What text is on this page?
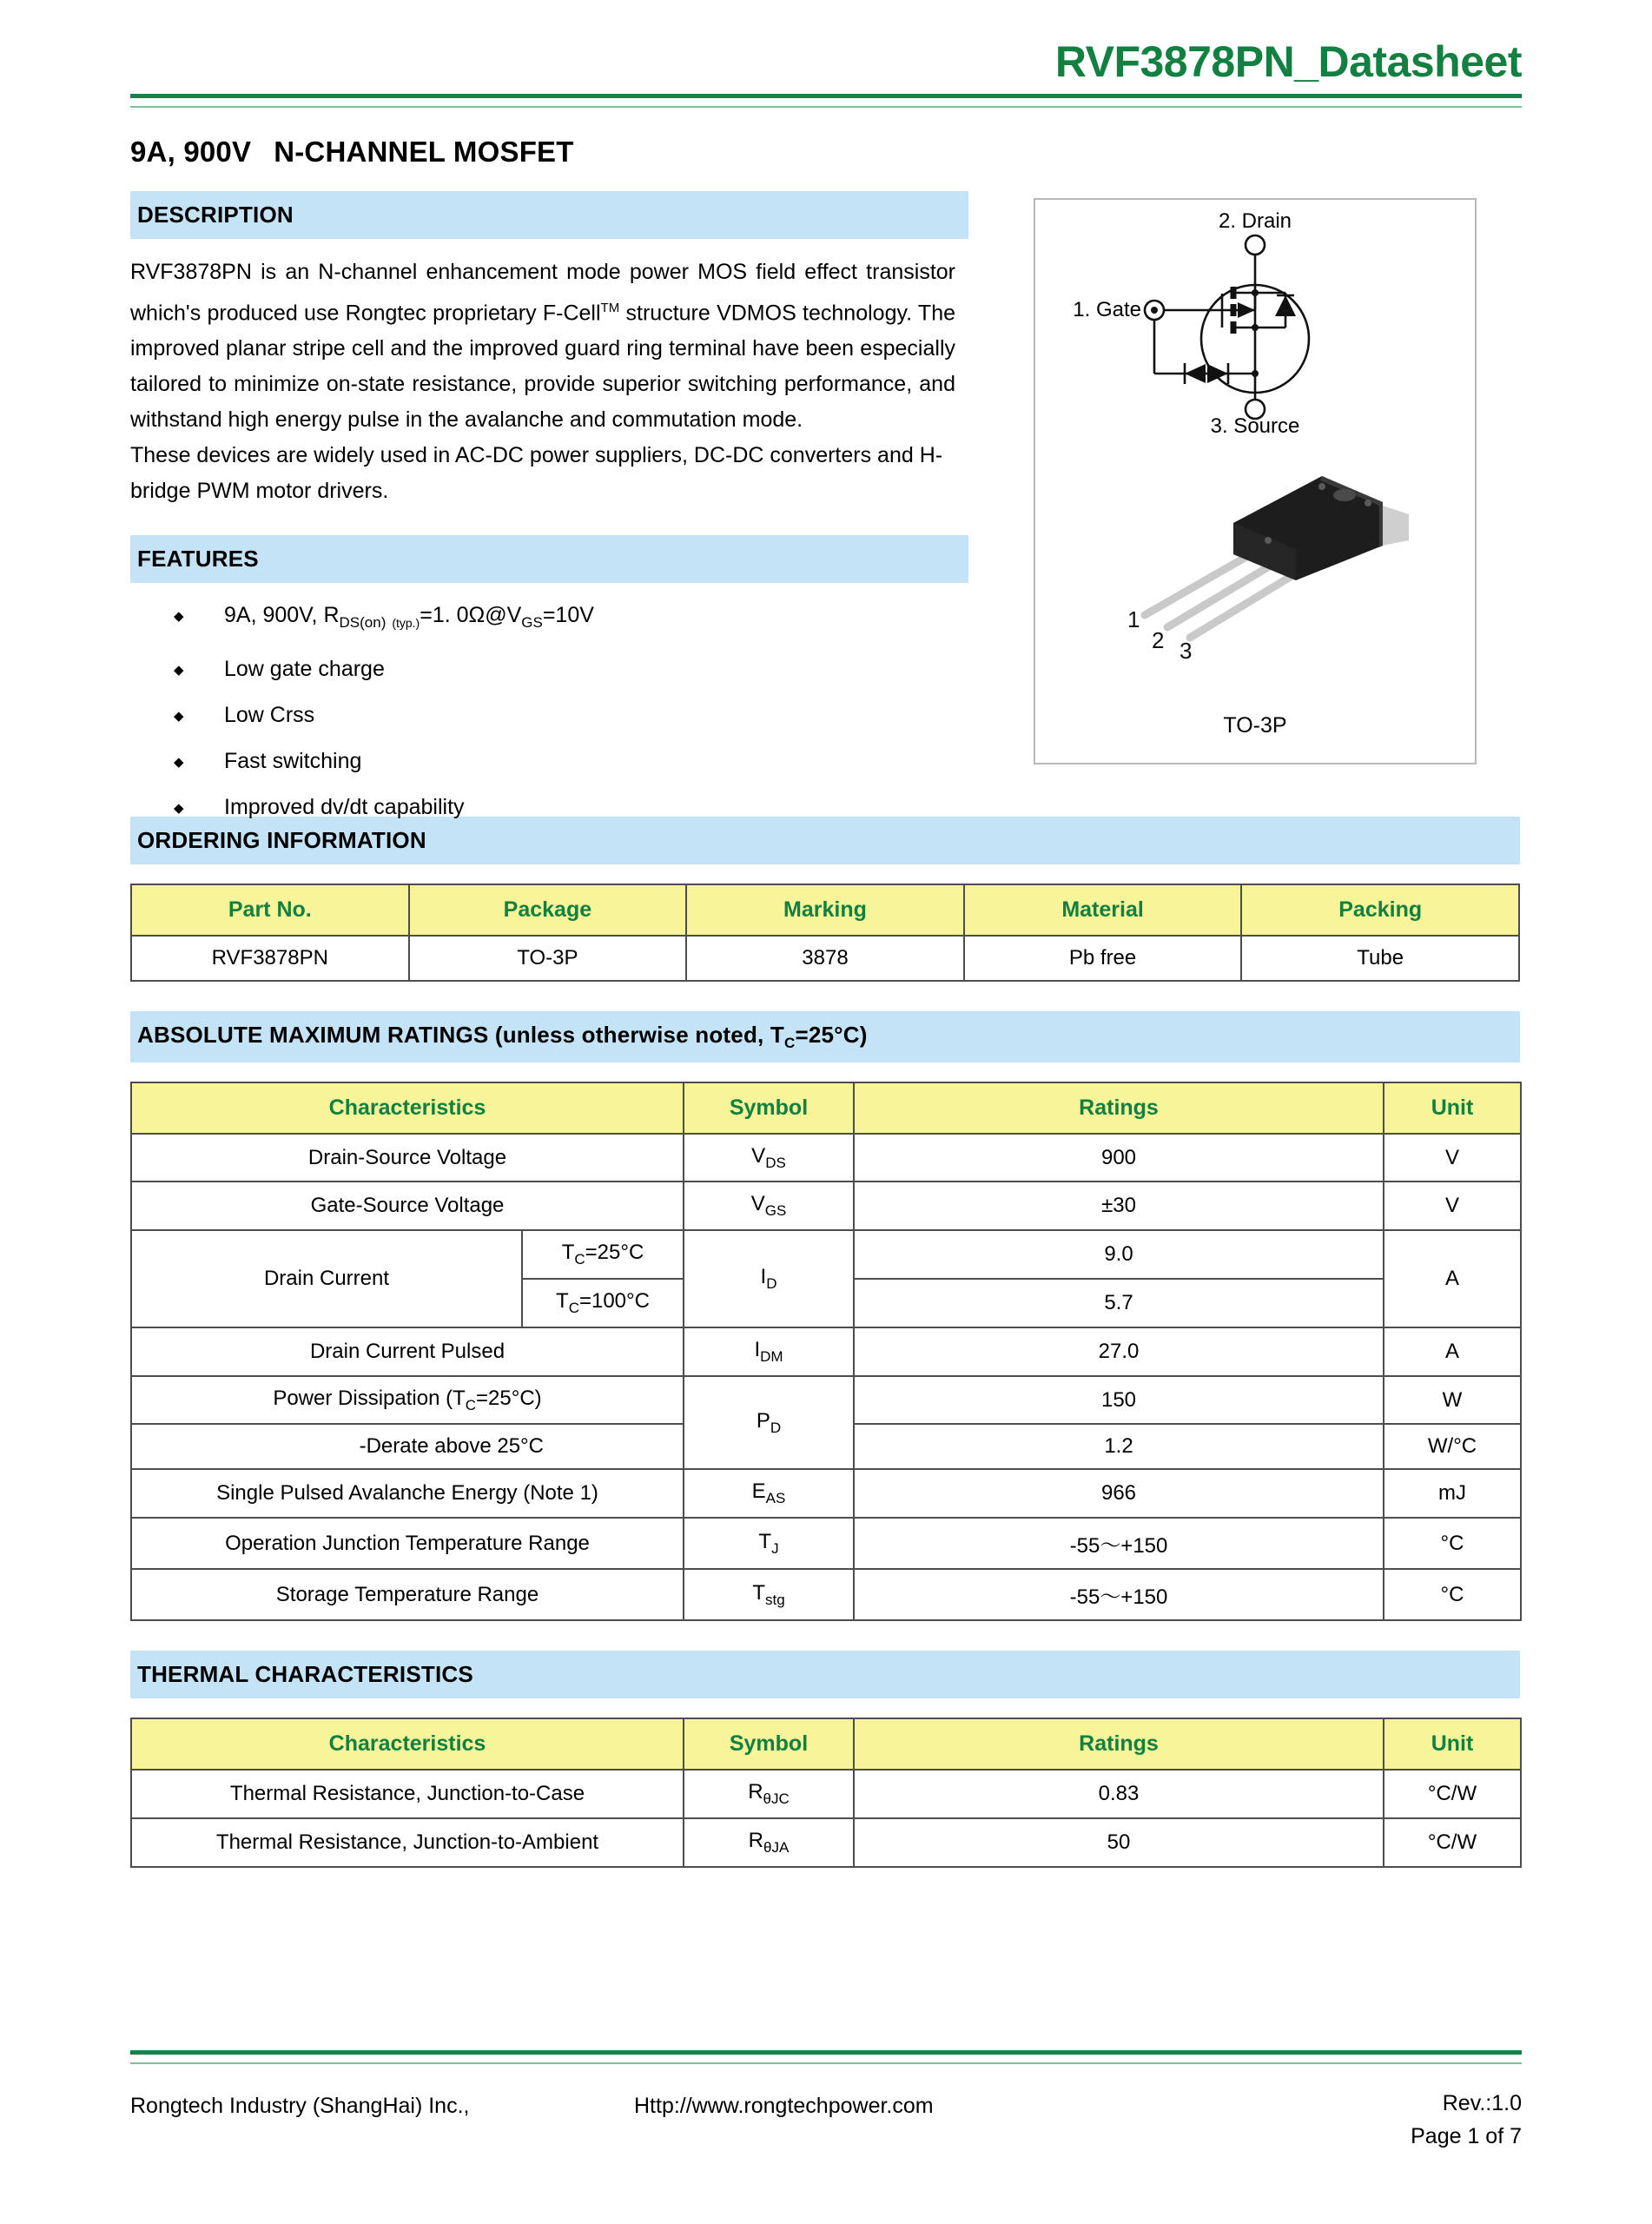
RVF3878PN_Datasheet
9A, 900V N-CHANNEL MOSFET
DESCRIPTION

RVF3878PN is an N-channel enhancement mode power MOS field effect transistor which's produced use Rongtec proprietary F-Cell™ structure VDMOS technology. The improved planar stripe cell and the improved guard ring terminal have been especially tailored to minimize on-state resistance, provide superior switching performance, and withstand high energy pulse in the avalanche and commutation mode.

These devices are widely used in AC-DC power suppliers, DC-DC converters and H-bridge PWM motor drivers.

FEATURES
◆ 9A, 900V, $R_{DS(on)}$ $_{(typ.)}$=1. $0\Omega@V_{GS}=10V$
◆ Low gate charge
◆ Low Crss
◆ Fast switching
◆ Improved dv/dt capability
2. Drain
1. Gate
3. Source
1
2 3
TO-3P
ORDERING INFORMATION
Part No.	Package	Marking	Material	Packing
RVF3878PN	TO-3P	3878	Pb free	Tube
ABSOLUTE MAXIMUM RATINGS (unless otherwise noted, $T_C=25^\circ C$)
Characteristics		Symbol	Ratings	Unit
Drain-Source Voltage		$V_{DS}$	900	V
Gate-Source Voltage		$V_{GS}$	±30	V
Drain Current	$T_C=25^\circ C$	$I_D$	9.0	A
	$T_C=100^\circ C$		5.7	
Drain Current Pulsed		$I_{DM}$	27.0	A
Power Dissipation $(T_C=25^\circ C)$		$P_D$	150	W
-Derate above 25°C			1.2	W/°C
Single Pulsed Avalanche Energy (Note 1)		$E_{AS}$	966	mJ
Operation Junction Temperature Range		$T_J$	-55～+150	°C
Storage Temperature Range		$T_{stg}$	-55～+150	°C
THERMAL CHARACTERISTICS
Characteristics	Symbol	Ratings	Unit
Thermal Resistance, Junction-to-Case	$R_{\theta JC}$	0.83	°C/W
Thermal Resistance, Junction-to-Ambient	$R_{\theta JA}$	50	°C/W
Rongtech Industry (ShangHai) Inc.,	Http://www.rongtechpower.com	Rev.:1.0
Page 1 of 7
